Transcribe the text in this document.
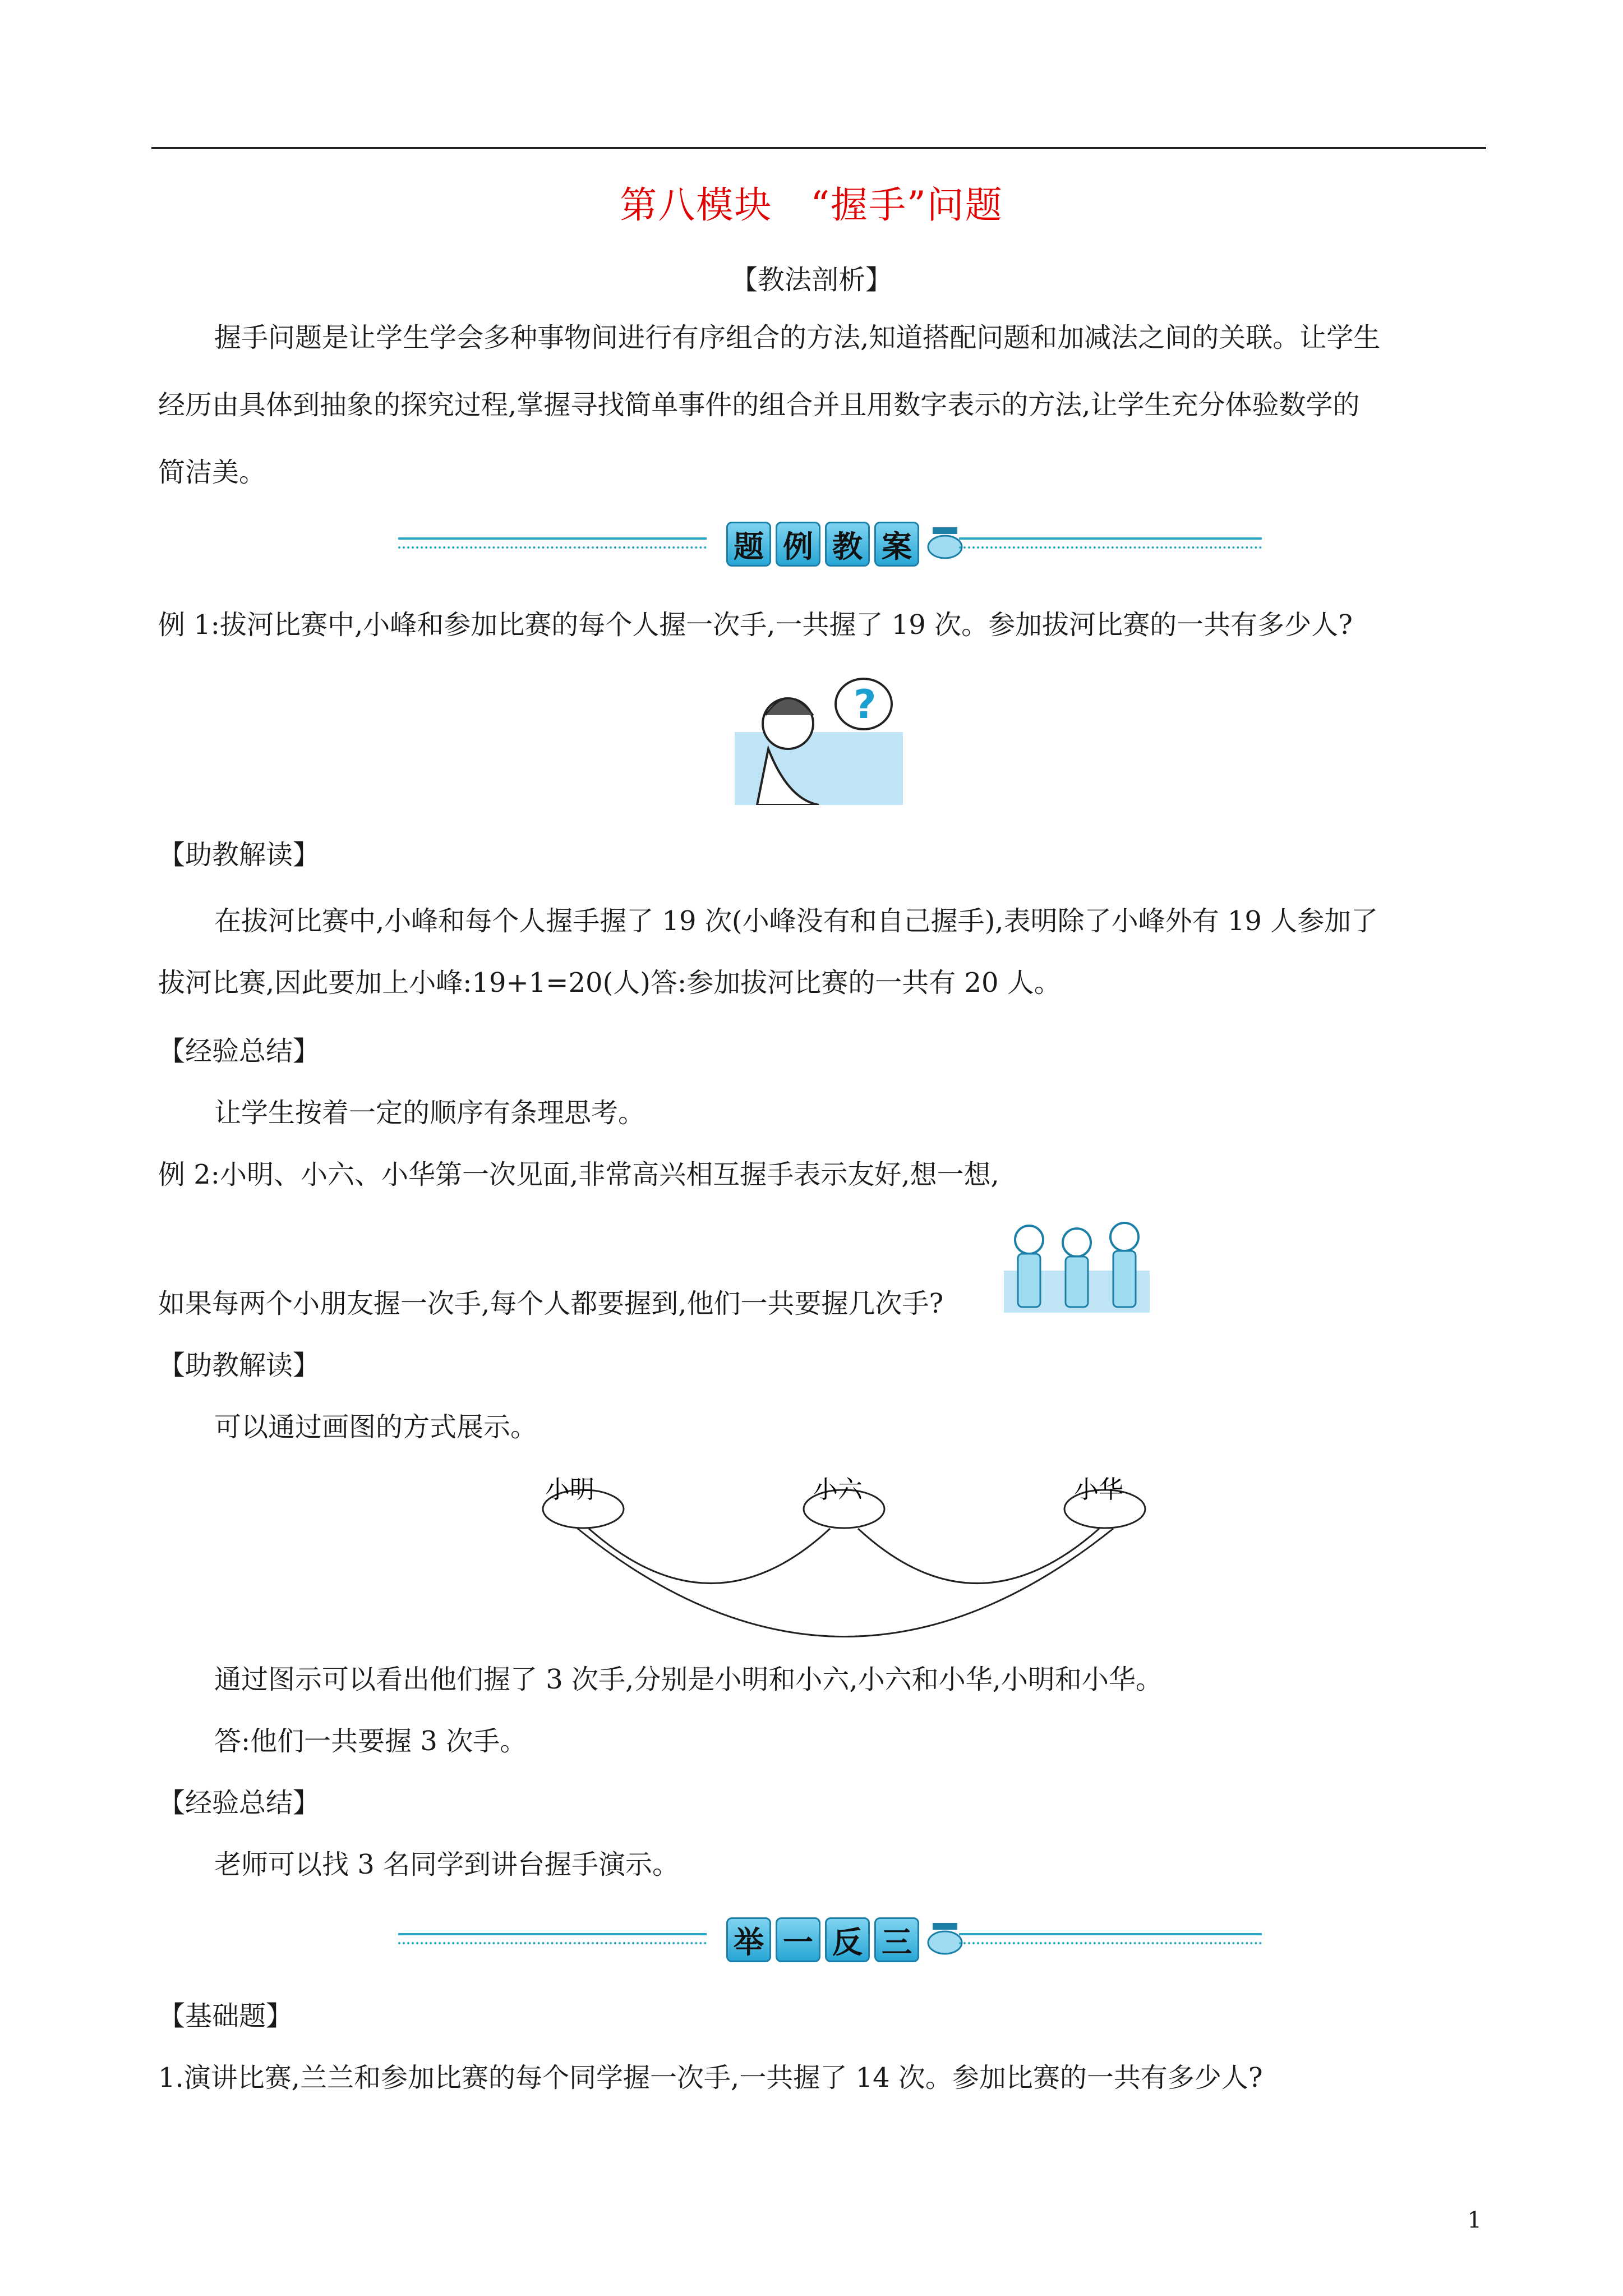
第八模块　“握手”问题
【教法剖析】
握手问题是让学生学会多种事物间进行有序组合的方法,知道搭配问题和加减法之间的关联。让学生
经历由具体到抽象的探究过程,掌握寻找简单事件的组合并且用数字表示的方法,让学生充分体验数学的
简洁美。
题 例 教 案
例 1:拔河比赛中,小峰和参加比赛的每个人握一次手,一共握了 19 次。参加拔河比赛的一共有多少人?
?
【助教解读】
在拔河比赛中,小峰和每个人握手握了 19 次(小峰没有和自己握手),表明除了小峰外有 19 人参加了
拔河比赛,因此要加上小峰:19+1=20(人)答:参加拔河比赛的一共有 20 人。
【经验总结】
让学生按着一定的顺序有条理思考。
例 2:小明、小六、小华第一次见面,非常高兴相互握手表示友好,想一想,
如果每两个小朋友握一次手,每个人都要握到,他们一共要握几次手?
【助教解读】
可以通过画图的方式展示。
小明	小六	小华
通过图示可以看出他们握了 3 次手,分别是小明和小六,小六和小华,小明和小华。
答:他们一共要握 3 次手。
【经验总结】
老师可以找 3 名同学到讲台握手演示。
举 一 反 三
【基础题】
1.演讲比赛,兰兰和参加比赛的每个同学握一次手,一共握了 14 次。参加比赛的一共有多少人?
1
